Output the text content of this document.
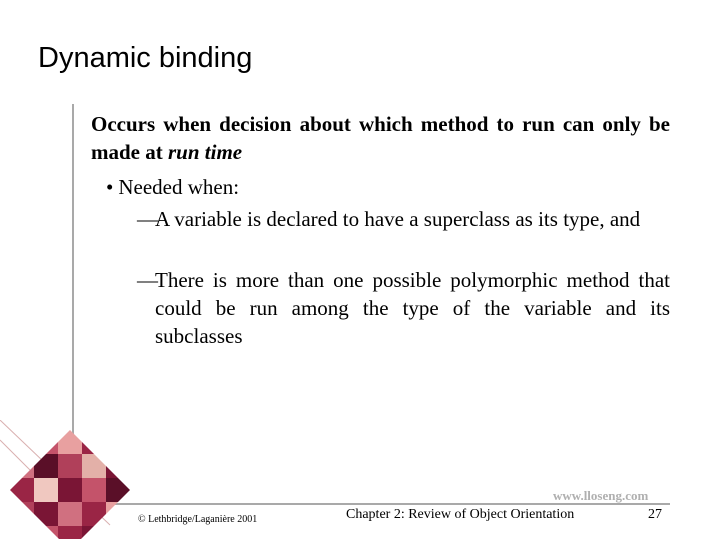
Dynamic binding

Occurs when decision about which method to run can only be made at run time

• Needed when:
—
A variable is declared to have a superclass as its type, and
—
There is more than one possible polymorphic method that could be run among the type of the variable and its subclasses
www.lloseng.com
© Lethbridge/Laganière 2001	Chapter 2: Review of Object Orientation	27
